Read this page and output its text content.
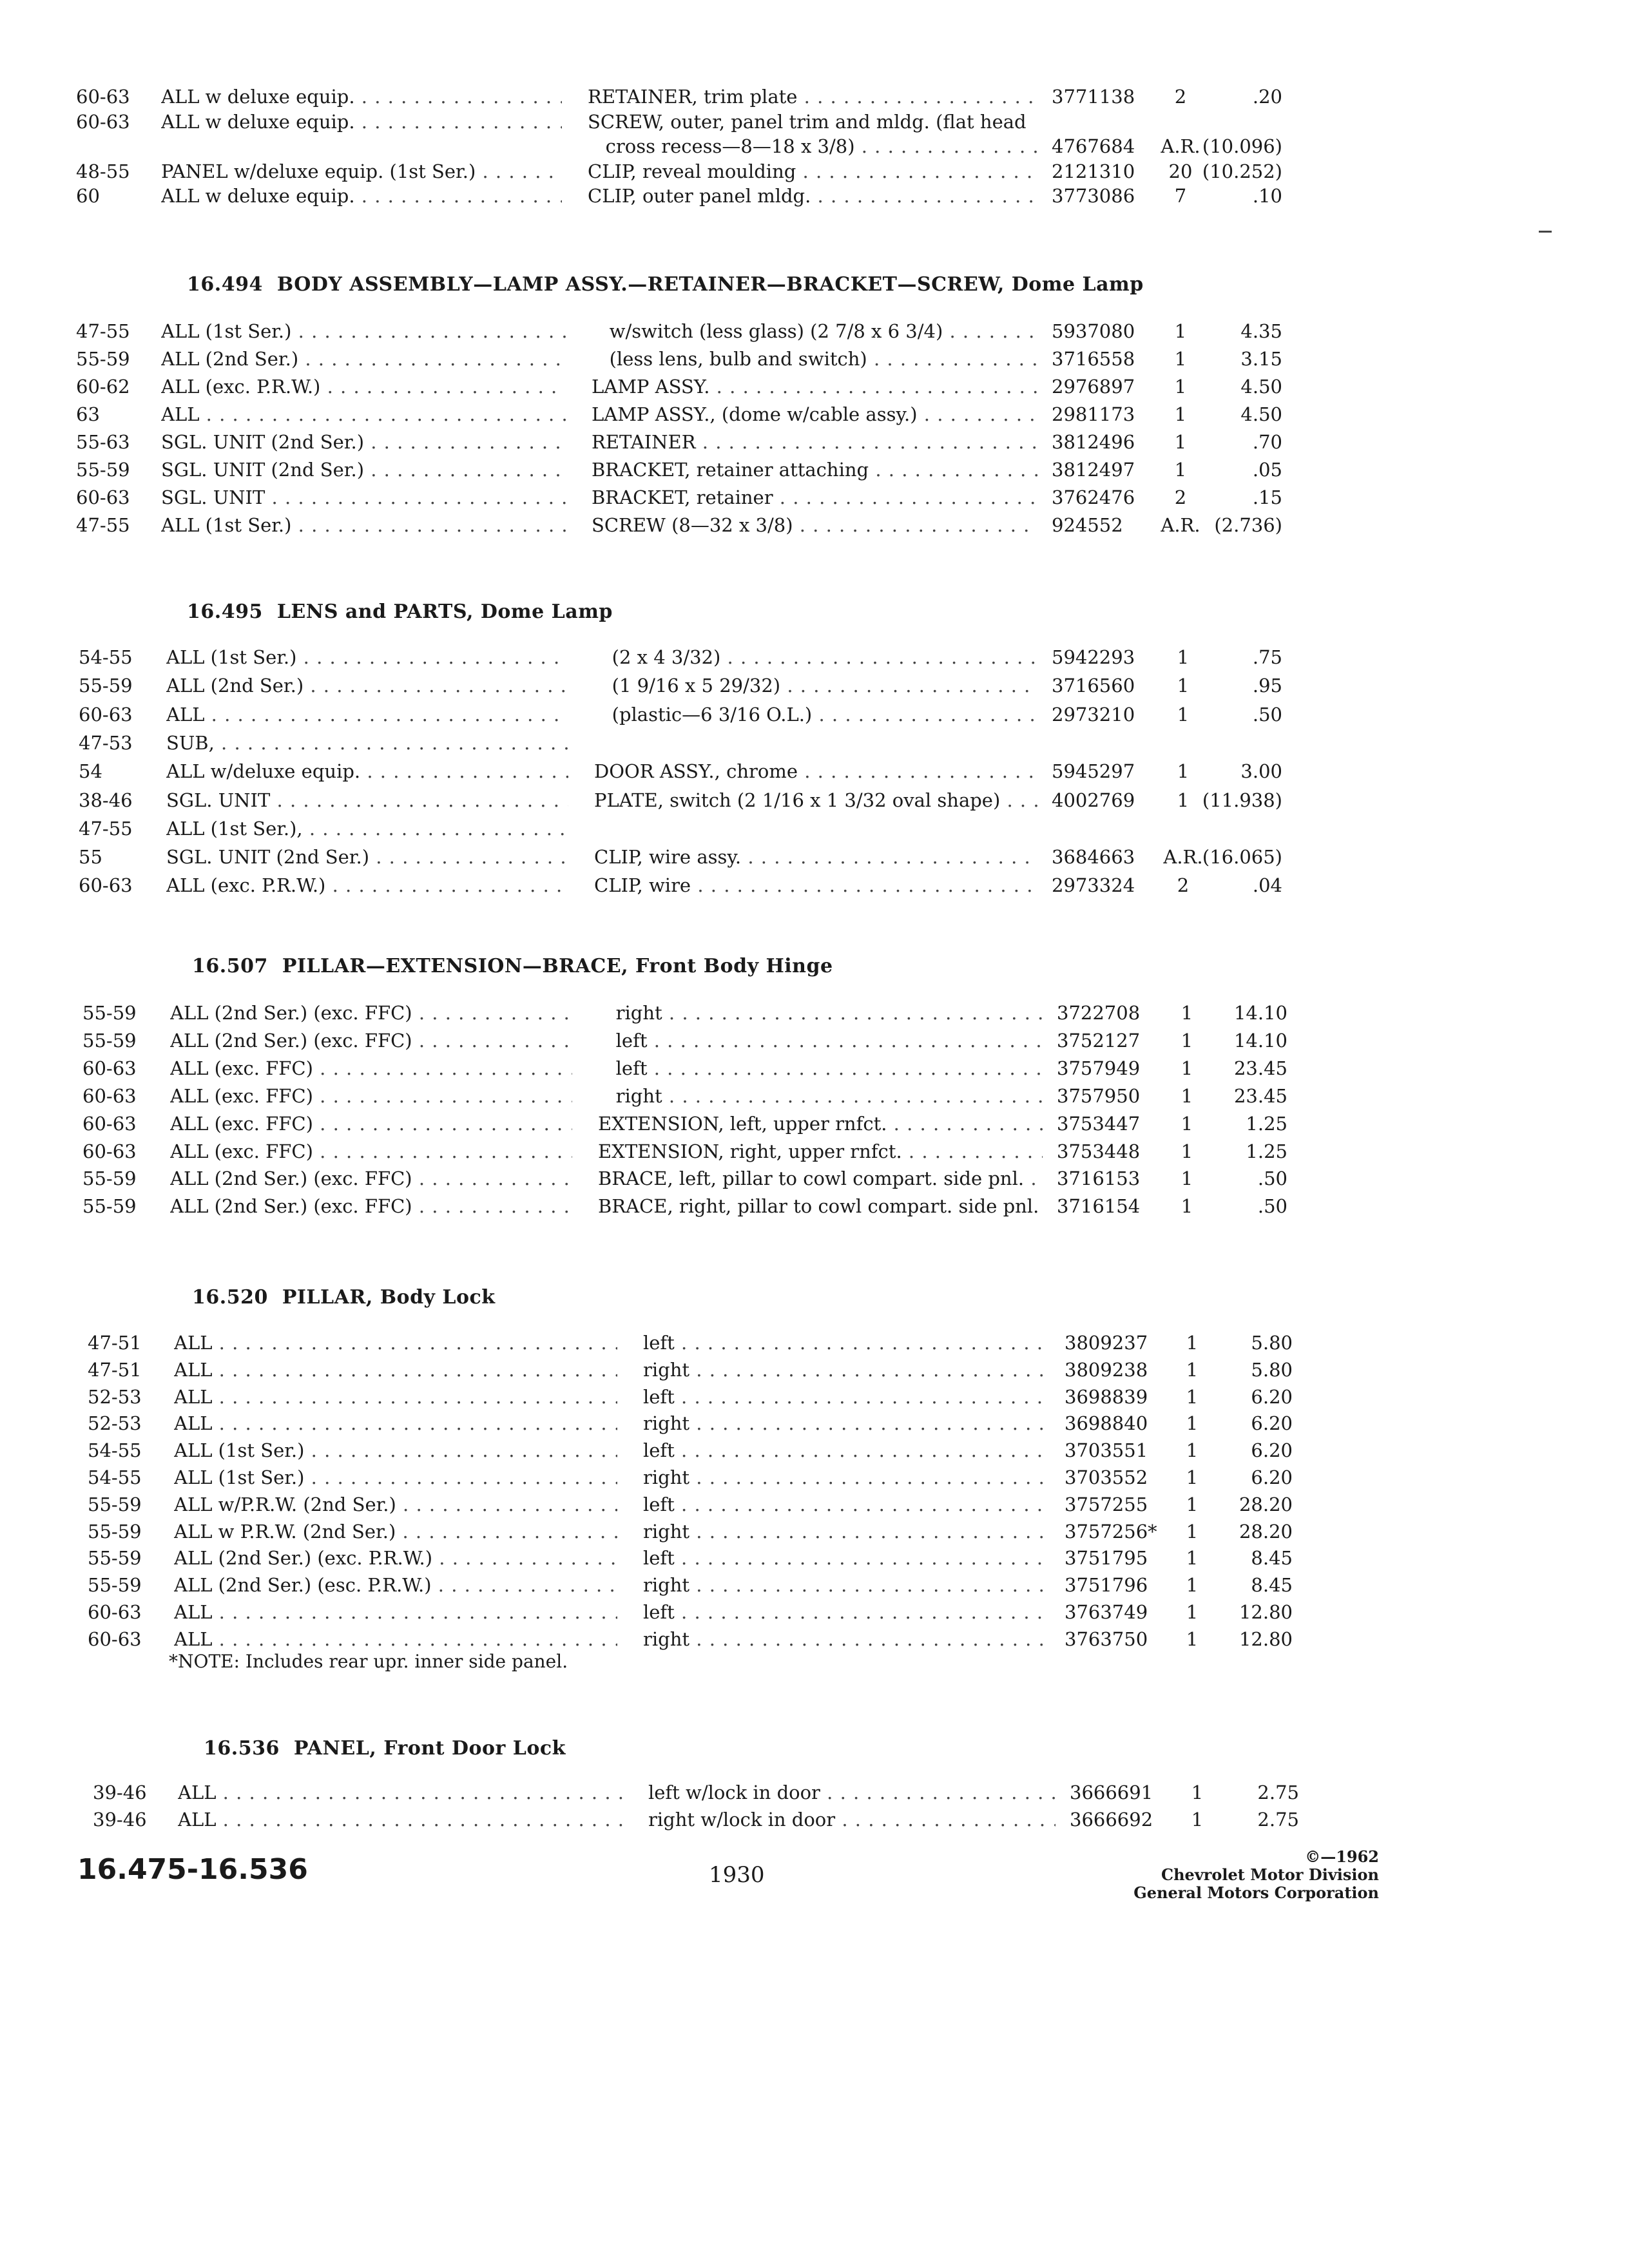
60-63	ALL w deluxe equip. . . .	RETAINER, trim plate . . .	3771138	2	.20
60-63	ALL w deluxe equip. . . .	SCREW, outer, panel trim and mldg. (flat head
cross recess—8—18 x 3/8) . . .	4767684	A.R. (10.096)
48-55	PANEL w/deluxe equip. (1st Ser.) . . .	CLIP, reveal moulding . . .	2121310	20 (10.252)
60	ALL w deluxe equip. . . .	CLIP, outer panel mldg. . . .	3773086	7	.10
16.494 BODY ASSEMBLY—LAMP ASSY.—RETAINER—BRACKET—SCREW, Dome Lamp
47-55	ALL (1st Ser.) . . .	w/switch (less glass) (2 7/8 x 6 3/4) . . .	5937080	1	4.35
55-59	ALL (2nd Ser.) . . .	(less lens, bulb and switch) . . .	3716558	1	3.15
60-62	ALL (exc. P.R.W.) . . .	LAMP ASSY. . . .	2976897	1	4.50
63	ALL . . .	LAMP ASSY., (dome w/cable assy.) . . .	2981173	1	4.50
55-63	SGL. UNIT (2nd Ser.) . . .	RETAINER . . .	3812496	1	.70
55-59	SGL. UNIT (2nd Ser.) . . .	BRACKET, retainer attaching . . .	3812497	1	.05
60-63	SGL. UNIT . . .	BRACKET, retainer . . .	3762476	2	.15
47-55	ALL (1st Ser.) . . .	SCREW (8—32 x 3/8) . . .	924552	A.R. (2.736)
16.495 LENS and PARTS, Dome Lamp
54-55	ALL (1st Ser.) . . .	(2 x 4 3/32) . . .	5942293	1	.75
55-59	ALL (2nd Ser.) . . .	(1 9/16 x 5 29/32) . . .	3716560	1	.95
60-63	ALL . . .	(plastic—6 3/16 O.L.) . . .	2973210	1	.50
47-53	SUB, . . .
54	ALL w/deluxe equip. . . .	DOOR ASSY., chrome . . .	5945297	1	3.00
38-46	SGL. UNIT . . .	PLATE, switch (2 1/16 x 1 3/32 oval shape) . . .	4002769	1 (11.938)
47-55	ALL (1st Ser.), . . .
55	SGL. UNIT (2nd Ser.) . . .	CLIP, wire assy. . . .	3684663	A.R. (16.065)
60-63	ALL (exc. P.R.W.) . . .	CLIP, wire . . .	2973324	2	.04
16.507 PILLAR—EXTENSION—BRACE, Front Body Hinge
55-59	ALL (2nd Ser.) (exc. FFC) . . .	right . . .	3722708	1	14.10
55-59	ALL (2nd Ser.) (exc. FFC) . . .	left . . .	3752127	1	14.10
60-63	ALL (exc. FFC) . . .	left . . .	3757949	1	23.45
60-63	ALL (exc. FFC) . . .	right . . .	3757950	1	23.45
60-63	ALL (exc. FFC) . . .	EXTENSION, left, upper rnfct. . . .	3753447	1	1.25
60-63	ALL (exc. FFC) . . .	EXTENSION, right, upper rnfct. . . .	3753448	1	1.25
55-59	ALL (2nd Ser.) (exc. FFC) . . .	BRACE, left, pillar to cowl compart. side pnl. . . .	3716153	1	.50
55-59	ALL (2nd Ser.) (exc. FFC) . . .	BRACE, right, pillar to cowl compart. side pnl. . . . 3716154	1	.50
16.520 PILLAR, Body Lock
47-51	ALL . . .	left . . .	3809237	1	5.80
47-51	ALL . . .	right . . .	3809238	1	5.80
52-53	ALL . . .	left . . .	3698839	1	6.20
52-53	ALL . . .	right . . .	3698840	1	6.20
54-55	ALL (1st Ser.) . . .	left . . .	3703551	1	6.20
54-55	ALL (1st Ser.) . . .	right . . .	3703552	1	6.20
55-59	ALL w/P.R.W. (2nd Ser.) . . .	left . . .	3757255	1	28.20
55-59	ALL w P.R.W. (2nd Ser.) . . .	right . . .	3757256*	1	28.20
55-59	ALL (2nd Ser.) (exc. P.R.W.) . . .	left . . .	3751795	1	8.45
55-59	ALL (2nd Ser.) (esc. P.R.W.) . . .	right . . .	3751796	1	8.45
60-63	ALL . . .	left . . .	3763749	1	12.80
60-63	ALL . . .	right . . .	3763750	1	12.80
*NOTE: Includes rear upr. inner side panel.
16.536 PANEL, Front Door Lock
39-46	ALL . . .	left w/lock in door . . .	3666691	1	2.75
39-46	ALL . . .	right w/lock in door . . .	3666692	1	2.75
16.475-16.536	1930
©—1962
Chevrolet Motor Division
General Motors Corporation
